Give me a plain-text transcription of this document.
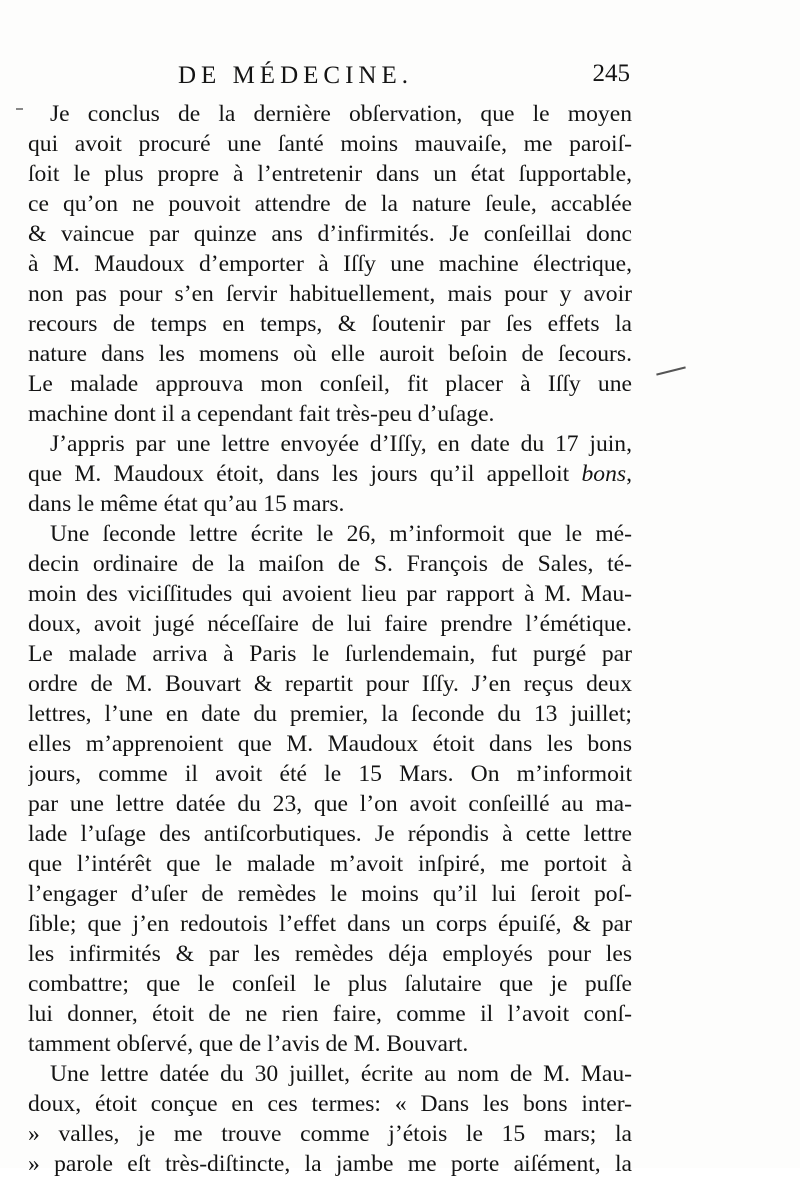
DE MÉDECINE.	245
Je conclus de la dernière obſervation, que le moyen
qui avoit procuré une ſanté moins mauvaiſe, me paroiſ-
ſoit le plus propre à l’entretenir dans un état ſupportable,
ce qu’on ne pouvoit attendre de la nature ſeule, accablée
& vaincue par quinze ans d’infirmités. Je conſeillai donc
à M. Maudoux d’emporter à Iſſy une machine électrique,
non pas pour s’en ſervir habituellement, mais pour y avoir
recours de temps en temps, & ſoutenir par ſes effets la
nature dans les momens où elle auroit beſoin de ſecours.
Le malade approuva mon conſeil, fit placer à Iſſy une
machine dont il a cependant fait très-peu d’uſage.
J’appris par une lettre envoyée d’Iſſy, en date du 17 juin,
que M. Maudoux étoit, dans les jours qu’il appelloit bons,
dans le même état qu’au 15 mars.
Une ſeconde lettre écrite le 26, m’informoit que le mé-
decin ordinaire de la maiſon de S. François de Sales, té-
moin des viciſſitudes qui avoient lieu par rapport à M. Mau-
doux, avoit jugé néceſſaire de lui faire prendre l’émétique.
Le malade arriva à Paris le ſurlendemain, fut purgé par
ordre de M. Bouvart & repartit pour Iſſy. J’en reçus deux
lettres, l’une en date du premier, la ſeconde du 13 juillet;
elles m’apprenoient que M. Maudoux étoit dans les bons
jours, comme il avoit été le 15 Mars. On m’informoit
par une lettre datée du 23, que l’on avoit conſeillé au ma-
lade l’uſage des antiſcorbutiques. Je répondis à cette lettre
que l’intérêt que le malade m’avoit inſpiré, me portoit à
l’engager d’uſer de remèdes le moins qu’il lui ſeroit poſ-
ſible; que j’en redoutois l’effet dans un corps épuiſé, & par
les infirmités & par les remèdes déja employés pour les
combattre; que le conſeil le plus ſalutaire que je puſſe
lui donner, étoit de ne rien faire, comme il l’avoit conſ-
tamment obſervé, que de l’avis de M. Bouvart.
Une lettre datée du 30 juillet, écrite au nom de M. Mau-
doux, étoit conçue en ces termes: « Dans les bons inter-
» valles, je me trouve comme j’étois le 15 mars; la
» parole eſt très-diſtincte, la jambe me porte aiſément, la
